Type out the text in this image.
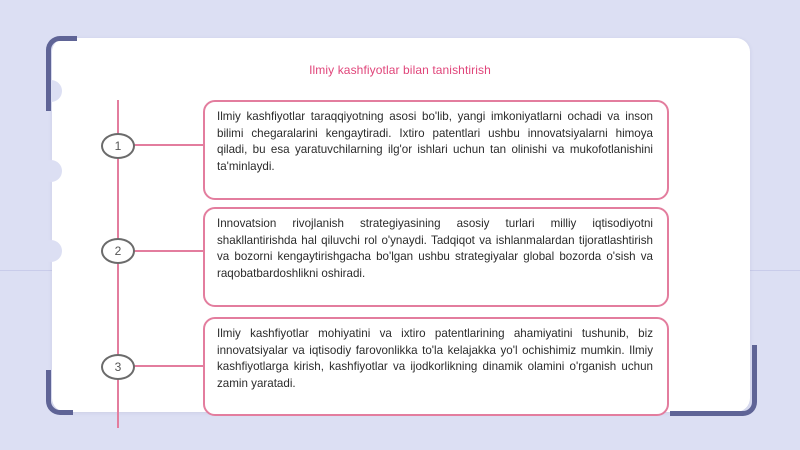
Ilmiy kashfiyotlar bilan tanishtirish
1
Ilmiy kashfiyotlar taraqqiyotning asosi bo'lib, yangi imkoniyatlarni ochadi va inson bilimi chegaralarini kengaytiradi. Ixtiro patentlari ushbu innovatsiyalarni himoya qiladi, bu esa yaratuvchilarning ilg'or ishlari uchun tan olinishi va mukofotlanishini ta'minlaydi.
2
Innovatsion rivojlanish strategiyasining asosiy turlari milliy iqtisodiyotni shakllantirishda hal qiluvchi rol o'ynaydi. Tadqiqot va ishlanmalardan tijoratlashtirish va bozorni kengaytirishgacha bo'lgan ushbu strategiyalar global bozorda o'sish va raqobatbardoshlikni oshiradi.
3
Ilmiy kashfiyotlar mohiyatini va ixtiro patentlarining ahamiyatini tushunib, biz innovatsiyalar va iqtisodiy farovonlikka to'la kelajakka yo'l ochishimiz mumkin. Ilmiy kashfiyotlarga kirish, kashfiyotlar va ijodkorlikning dinamik olamini o'rganish uchun zamin yaratadi.
